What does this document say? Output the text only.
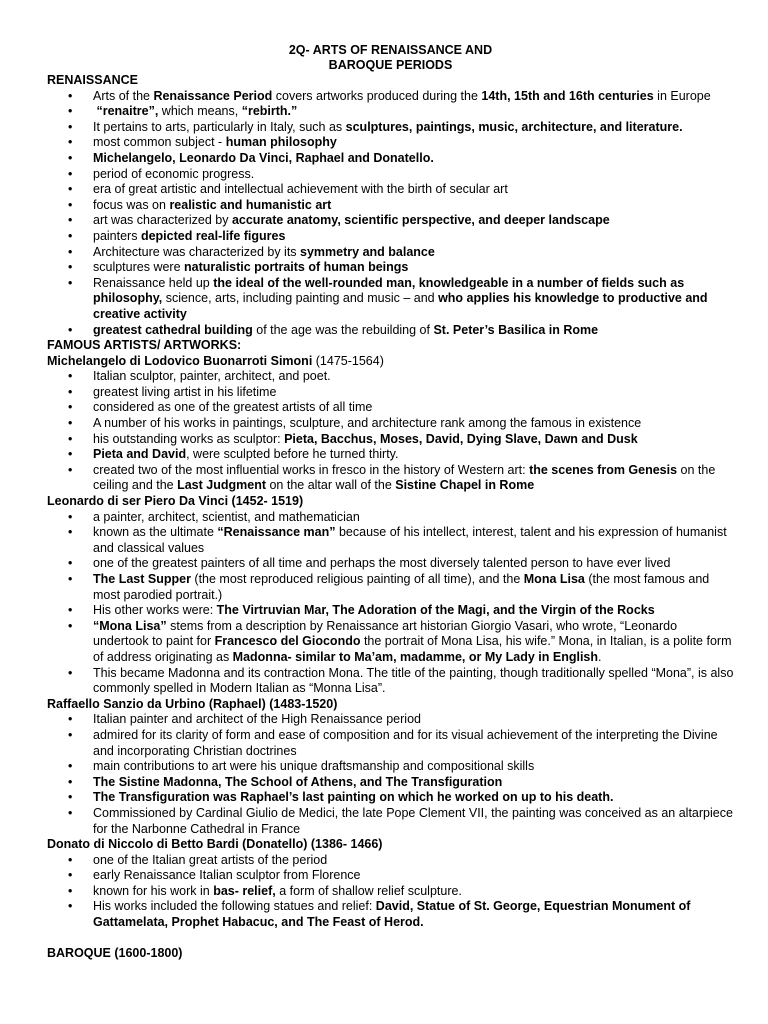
2Q- ARTS OF RENAISSANCE AND
BAROQUE PERIODS
RENAISSANCE
• Arts of the Renaissance Period covers artworks produced during the 14th, 15th and 16th centuries in Europe
• “renaitre”, which means, “rebirth.”
• It pertains to arts, particularly in Italy, such as sculptures, paintings, music, architecture, and literature.
• most common subject - human philosophy
• Michelangelo, Leonardo Da Vinci, Raphael and Donatello.
• period of economic progress.
• era of great artistic and intellectual achievement with the birth of secular art
• focus was on realistic and humanistic art
• art was characterized by accurate anatomy, scientific perspective, and deeper landscape
• painters depicted real-life figures
• Architecture was characterized by its symmetry and balance
• sculptures were naturalistic portraits of human beings
• Renaissance held up the ideal of the well-rounded man, knowledgeable in a number of fields such as philosophy, science, arts, including painting and music – and who applies his knowledge to productive and creative activity
• greatest cathedral building of the age was the rebuilding of St. Peter’s Basilica in Rome
FAMOUS ARTISTS/ ARTWORKS:
Michelangelo di Lodovico Buonarroti Simoni (1475-1564)
• Italian sculptor, painter, architect, and poet.
• greatest living artist in his lifetime
• considered as one of the greatest artists of all time
• A number of his works in paintings, sculpture, and architecture rank among the famous in existence
• his outstanding works as sculptor: Pieta, Bacchus, Moses, David, Dying Slave, Dawn and Dusk
• Pieta and David, were sculpted before he turned thirty.
• created two of the most influential works in fresco in the history of Western art: the scenes from Genesis on the ceiling and the Last Judgment on the altar wall of the Sistine Chapel in Rome
Leonardo di ser Piero Da Vinci (1452- 1519)
• a painter, architect, scientist, and mathematician
• known as the ultimate “Renaissance man” because of his intellect, interest, talent and his expression of humanist and classical values
• one of the greatest painters of all time and perhaps the most diversely talented person to have ever lived
• The Last Supper (the most reproduced religious painting of all time), and the Mona Lisa (the most famous and most parodied portrait.)
• His other works were: The Virtruvian Mar, The Adoration of the Magi, and the Virgin of the Rocks
• “Mona Lisa” stems from a description by Renaissance art historian Giorgio Vasari, who wrote, “Leonardo undertook to paint for Francesco del Giocondo the portrait of Mona Lisa, his wife.” Mona, in Italian, is a polite form of address originating as Madonna- similar to Ma’am, madamme, or My Lady in English.
• This became Madonna and its contraction Mona. The title of the painting, though traditionally spelled “Mona”, is also commonly spelled in Modern Italian as “Monna Lisa”.
Raffaello Sanzio da Urbino (Raphael) (1483-1520)
• Italian painter and architect of the High Renaissance period
• admired for its clarity of form and ease of composition and for its visual achievement of the interpreting the Divine and incorporating Christian doctrines
• main contributions to art were his unique draftsmanship and compositional skills
• The Sistine Madonna, The School of Athens, and The Transfiguration
• The Transfiguration was Raphael’s last painting on which he worked on up to his death.
• Commissioned by Cardinal Giulio de Medici, the late Pope Clement VII, the painting was conceived as an altarpiece for the Narbonne Cathedral in France
Donato di Niccolo di Betto Bardi (Donatello) (1386- 1466)
• one of the Italian great artists of the period
• early Renaissance Italian sculptor from Florence
• known for his work in bas- relief, a form of shallow relief sculpture.
• His works included the following statues and relief: David, Statue of St. George, Equestrian Monument of Gattamelata, Prophet Habacuc, and The Feast of Herod.
BAROQUE (1600-1800)
